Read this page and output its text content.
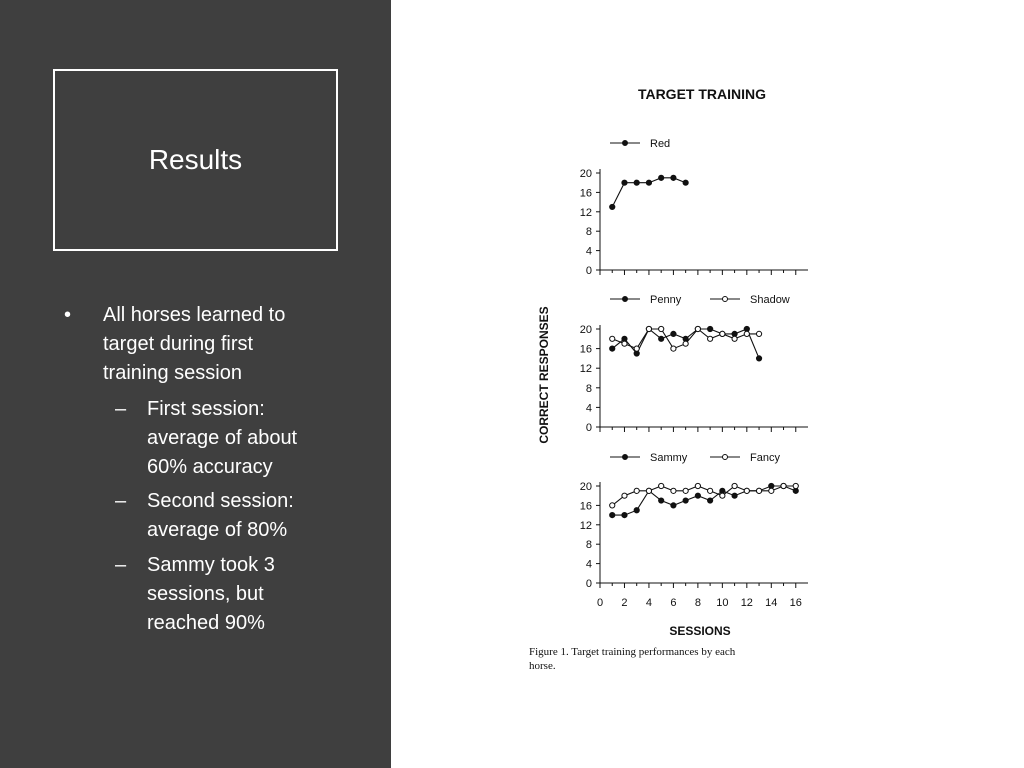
Results
• All horses learned to
target during first
training session

– First session:
average of about
60% accuracy

– Second session:
average of 80%

– Sammy took 3
sessions, but
reached 90%

TARGET TRAINING
CORRECT RESPONSES
0
4
8
12
16
20
Red
0
4
8
12
16
20
Penny	Shadow
0
4
8
12
16
20
Sammy	Fancy
0 2 4 6 8 10 12 14 16
SESSIONS
Figure 1. Target training performances by each
horse.
